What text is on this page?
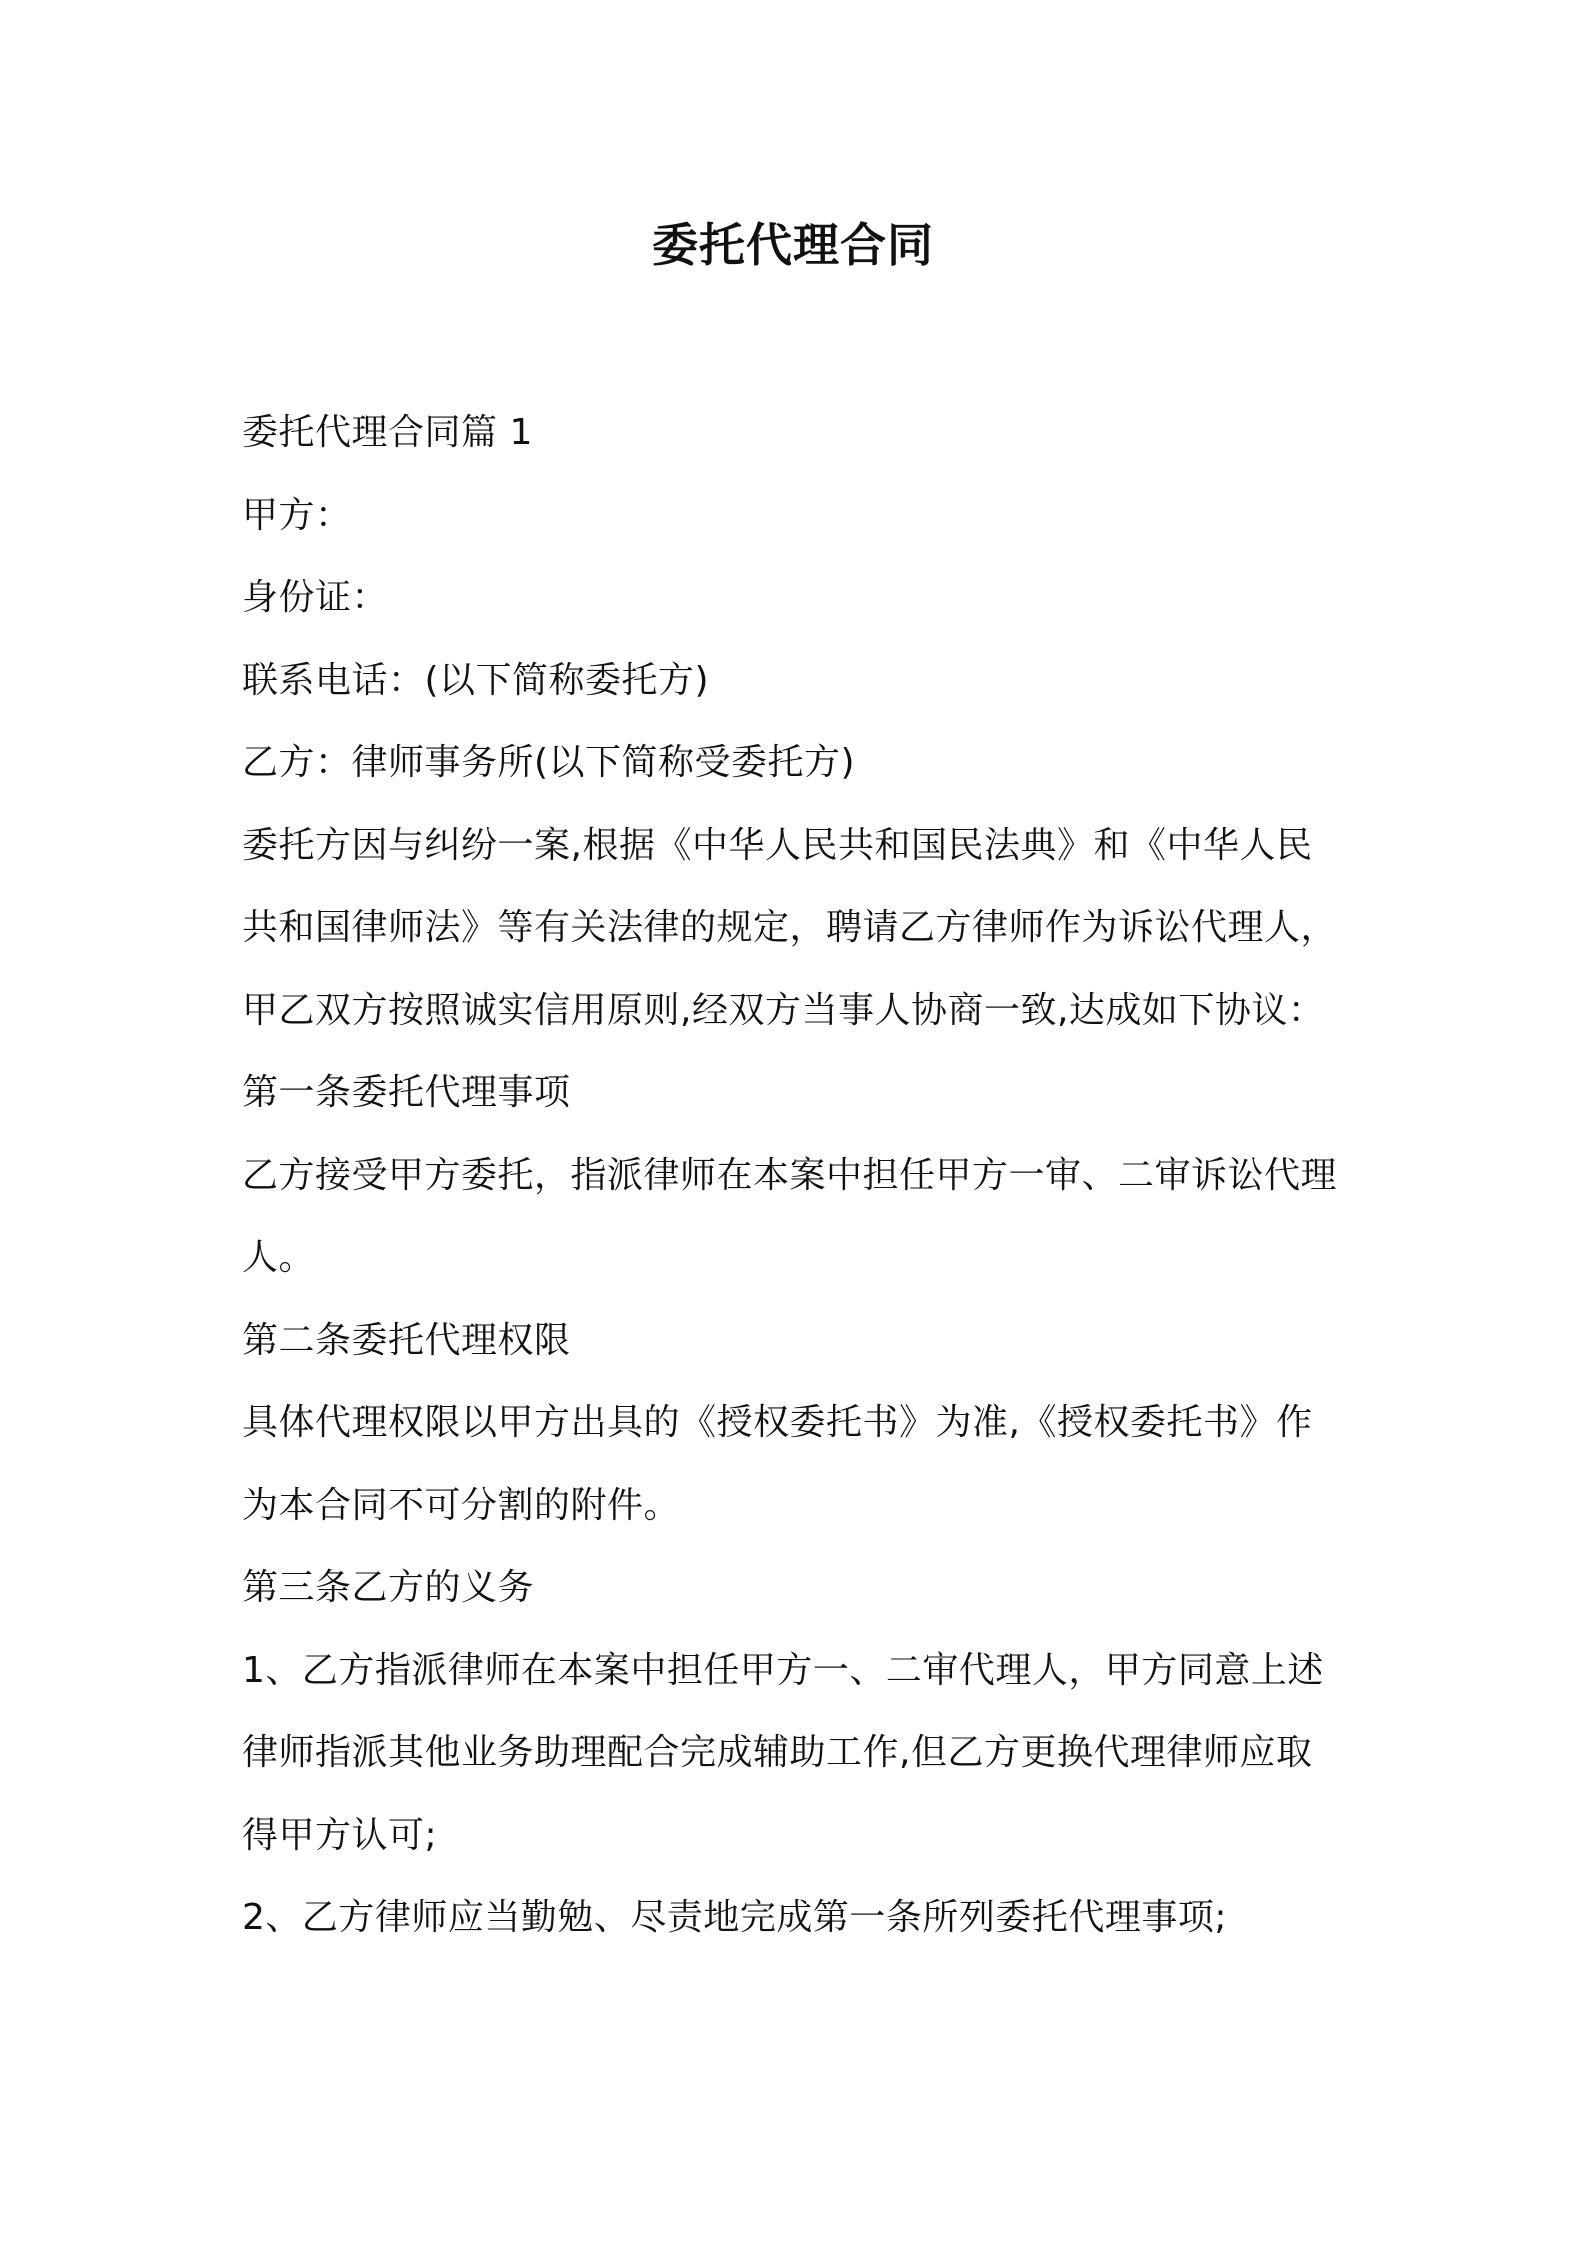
委托代理合同
委托代理合同篇 1
甲方：
身份证：
联系电话：(以下简称委托方)
乙方：律师事务所(以下简称受委托方)
委托方因与纠纷一案,根据《中华人民共和国民法典》和《中华人民
共和国律师法》等有关法律的规定，聘请乙方律师作为诉讼代理人，
甲乙双方按照诚实信用原则,经双方当事人协商一致,达成如下协议：
第一条委托代理事项
乙方接受甲方委托，指派律师在本案中担任甲方一审、二审诉讼代理
人。
第二条委托代理权限
具体代理权限以甲方出具的《授权委托书》为准,《授权委托书》作
为本合同不可分割的附件。
第三条乙方的义务
1、乙方指派律师在本案中担任甲方一、二审代理人，甲方同意上述
律师指派其他业务助理配合完成辅助工作,但乙方更换代理律师应取
得甲方认可;
2、乙方律师应当勤勉、尽责地完成第一条所列委托代理事项;
